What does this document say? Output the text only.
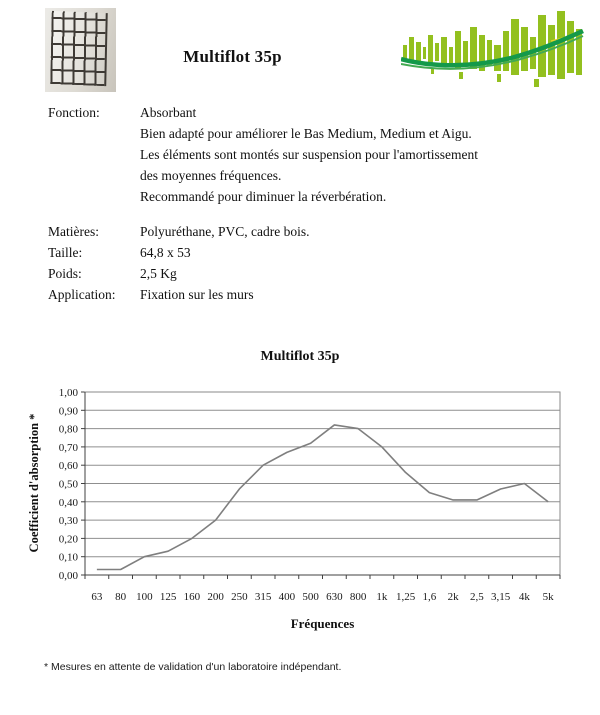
Multiflot 35p
Fonction:	Absorbant
Bien adapté pour améliorer le Bas Medium, Medium et Aigu.
Les éléments sont montés sur suspension pour l'amortissement
des moyennes fréquences.
Recommandé pour diminuer la réverbération.
Matières:	Polyuréthane, PVC, cadre bois.
Taille:	64,8 x 53
Poids:	2,5 Kg
Application: Fixation sur les murs
Multiflot 35p
Coefficient d'absorption *
0,00
0,10
0,20
0,30
0,40
0,50
0,60
0,70
0,80
0,90
1,00
63 80 100 125 160 200 250 315 400 500 630 800 1k 1,25 1,6 2k 2,5 3,15 4k 5k
Fréquences
* Mesures en attente de validation d'un laboratoire indépendant.
